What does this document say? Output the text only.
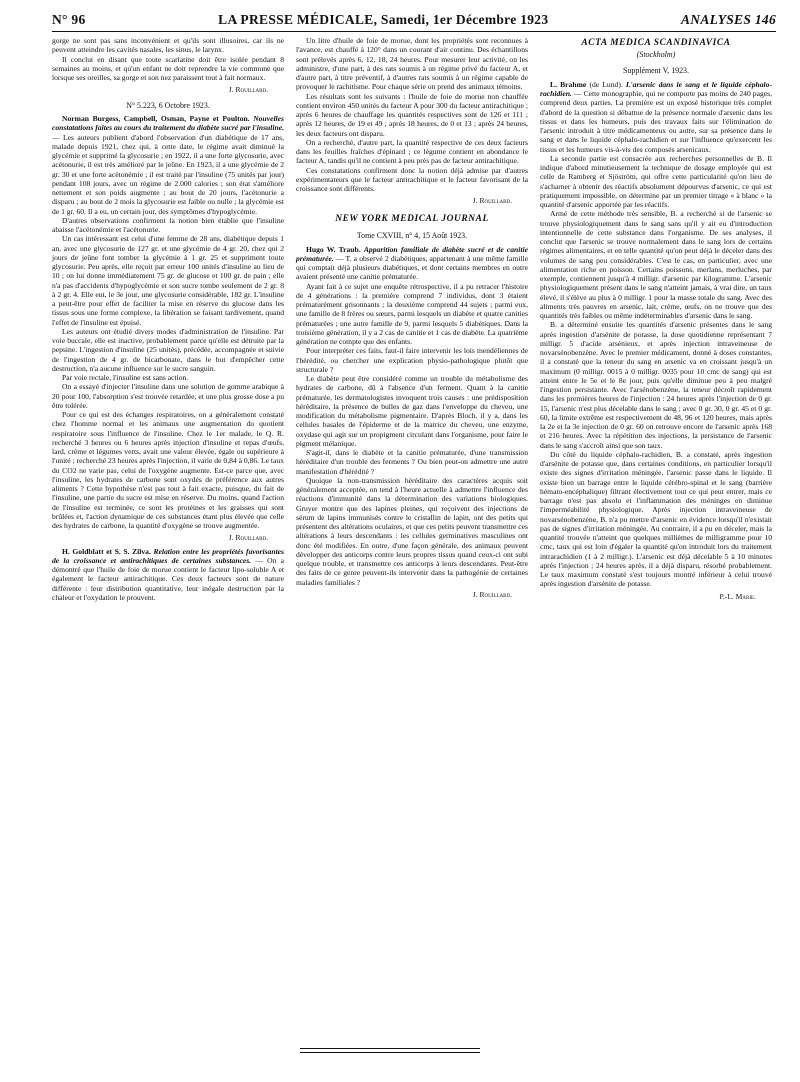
N° 96	LA PRESSE MÉDICALE, Samedi, 1er Décembre 1923	ANALYSES 146

gorge ne sont pas sans inconvénient et qu'ils sont illusoires, car ils ne peuvent atteindre les cavités nasales, les sinus, le larynx.

Il conclut en disant que toute scarlatine doit être isolée pendant 8 semaines au moins, et qu'un enfant ne doit reprendre la vie commune que lorsque ses oreilles, sa gorge et son nez paraissent tout à fait normaux.

J. Rouillard.
N° 5.223, 6 Octobre 1923.

Norman Burgess, Campbell, Osman, Payne et Poulton. Nouvelles constatations faites au cours du traitement du diabète sucré par l'insuline. — Les auteurs publient d'abord l'observation d'un diabétique de 17 ans, malade depuis 1921, chez qui, à cette date, le régime avait diminué la glycémie et supprimé la glycosurie ; en 1922, il a une forte glycosurie, avec acétonurie, il est très amélioré par le jeûne. En 1923, il a une glycémie de 2 gr. 30 et une forte acétonémie ; il est traité par l'insuline (75 unités par jour) pendant 108 jours, avec un régime de 2.000 calories ; son état s'améliore nettement et son poids augmente ; au bout de 20 jours, l'acétonurie a disparu ; au bout de 2 mois la glycosurie est faible ou nulle ; la glycémie est de 1 gr. 60. Il a eu, un certain jour, des symptômes d'hypoglycémie.

D'autres observations confirment la notion bien établie que l'insuline abaisse l'acétonémie et l'acétonurie.

Un cas intéressant est celui d'une femme de 28 ans, diabétique depuis 1 an, avec une glycosurie de 127 gr. et une glycémie de 4 gr. 20, chez qui 2 jours de jeûne font tomber la glycémie à 1 gr. 25 et suppriment toute glycosurie. Peu après, elle reçoit par erreur 100 unités d'insuline au lieu de 10 ; on lui donne immédiatement 75 gr. de glucose et 100 gr. de pain ; elle n'a pas d'accidents d'hypoglycémie et son sucre tombe seulement de 2 gr. 8 à 2 gr. 4. Elle eut, le 3e jour, une glycosurie considérable, 182 gr. L'insuline a peut-être pour effet de faciliter la mise en réserve du glucose dans les tissus sous une forme complexe, la libération se faisant tardivement, quand l'effet de l'insuline est épuisé.

Les auteurs ont étudié divers modes d'administration de l'insuline. Par voie buccale, elle est inactive, probablement parce qu'elle est détruite par la pepsine. L'ingestion d'insuline (25 unités), précédée, accompagnée et suivie de l'ingestion de 4 gr. de bicarbonate, dans le but d'empêcher cette destruction, n'a aucune influence sur le sucre sanguin.

Par voie rectale, l'insuline est sans action.

On a essayé d'injecter l'insuline dans une solution de gomme arabique à 20 pour 100, l'absorption s'est trouvée retardée, et une plus grosse dose a pu être tolérée.

Pour ce qui est des échanges respiratoires, on a généralement constaté chez l'homme normal et les animaux une augmentation du quotient respiratoire sous l'influence de l'insuline. Chez le 1er malade, le Q. R. recherché 3 heures ou 6 heures après injection d'insuline et repas d'œufs, lard, crème et légumes verts, avait une valeur élevée, égale ou supérieure à l'unité ; recherché 23 heures après l'injection, il varie de 0,84 à 0,86. Le taux du CO2 ne varie pas, celui de l'oxygène augmente. Est-ce parce que, avec l'insuline, les hydrates de carbone sont oxydés de préférence aux autres aliments ? Cette hypothèse n'est pas tout à fait exacte, puisque, du fait de l'insuline, une partie du sucre est mise en réserve. Du moins, quand l'action de l'insuline est terminée, ce sont les protéines et les graisses qui sont brûlées et, l'action dynamique de ces substances étant plus élevée que celle des hydrates de carbone, la quantité d'oxygène se trouve augmentée.

J. Rouillard.

H. Goldblatt et S. S. Zilva. Relation entre les propriétés favorisantes de la croissance et antirachitiques de certaines substances. — On a démontré que l'huile de foie de morue contient le facteur lipo-soluble A et également le facteur antirachitique. Ces deux facteurs sont de nature différente : leur distribution quantitative, leur inégale destruction par la chaleur et l'oxydation le prouvent.

Un litre d'huile de foie de morue, dont les propriétés sont reconnues à l'avance, est chauffé à 120° dans un courant d'air continu. Des échantillons sont prélevés après 6, 12, 18, 24 heures. Pour mesurer leur activité, on les administre, d'une part, à des rats soumis à un régime privé du facteur A, et d'autre part, à titre préventif, à d'autres rats soumis à un régime capable de provoquer le rachitisme. Pour chaque série on prend des animaux témoins.

Les résultats sont les suivants : l'huile de foie de morue non chauffée contient environ 450 unités du facteur A pour 300 du facteur antirachitique ; après 6 heures de chauffage les quantités respectives sont de 126 et 111 ; après 12 heures, de 19 et 49 ; après 18 heures, de 0 et 13 ; après 24 heures, les deux facteurs ont disparu.

On a recherché, d'autre part, la quantité respective de ces deux facteurs dans les feuilles fraîches d'épinard ; ce légume contient en abondance le facteur A, tandis qu'il ne contient à peu près pas de facteur antirachitique.

Ces constatations confirment donc la notion déjà admise par d'autres expérimentateurs que le facteur antirachitique et le facteur favorisant de la croissance sont différents.

J. Rouillard.
NEW YORK MEDICAL JOURNAL
Tome CXVIII, n° 4, 15 Août 1923.

Hugo W. Traub. Apparition familiale de diabète sucré et de canitie prématurée. — T. a observé 2 diabétiques, appartenant à une même famille qui comptait déjà plusieurs diabétiques, et dont certains membres en outre avaient présenté une canitie prématurée.

Ayant fait à ce sujet une enquête rétrospective, il a pu retracer l'histoire de 4 générations : la première comprend 7 individus, dont 3 étaient prématurément grisonnants ; la deuxième comprend 44 sujets ; parmi eux, une famille de 8 frères ou sœurs, parmi lesquels un diabète et quatre canities prématurées ; une autre famille de 9, parmi lesquels 5 diabétiques. Dans la troisième génération, il y a 2 cas de canitie et 1 cas de diabète. La quatrième génération ne compte que des enfants.

Pour interpréter ces faits, faut-il faire intervenir les lois mendéliennes de l'hérédité, ou chercher une explication physio-pathologique plutôt que structurale ?

Le diabète peut être considéré comme un trouble du métabolisme des hydrates de carbone, dû à l'absence d'un ferment. Quant à la canitie prématurée, les dermatologistes invoquent trois causes : une prédisposition héréditaire, la présence de bulles de gaz dans l'enveloppe du cheveu, une modification du métabolisme pigmentaire. D'après Bloch, il y a, dans les cellules basales de l'épiderme et de la matrice du cheveu, une enzyme, oxydase qui agit sur un propigment circulant dans l'organisme, pour faire le pigment mélanique.

S'agit-il, dans le diabète et la canitie prématurée, d'une transmission héréditaire d'un trouble des ferments ? Ou bien peut-on admettre une autre manifestation d'hérédité ?

Quoique la non-transmission héréditaire des caractères acquis soit généralement acceptée, on tend à l'heure actuelle à admettre l'influence des réactions d'immunité dans la détermination des variations biologiques. Gruyer montre que des lapines pleines, qui reçoivent des injections de sérum de lapins immunisés contre le cristallin de lapin, ont des petits qui présentent des altérations oculaires, et que ces petits peuvent transmettre ces altérations à leurs descendants : les cellules germinatives masculines ont donc été modifiées. En outre, d'une façon générale, des animaux peuvent développer des anticorps contre leurs propres tissus quand ceux-ci ont subi quelque trouble, et transmettre ces anticorps à leurs descendants. Peut-être des faits de ce genre peuvent-ils intervenir dans la pathogénie de certaines maladies familiales ?

J. Rouillard.
ACTA MEDICA SCANDINAVICA
(Stockholm)
Supplément V, 1923.

L. Brahme (de Lund). L'arsenic dans le sang et le liquide céphalo-rachidien. — Cette monographie, qui ne comporte pas moins de 240 pages, comprend deux parties. La première est un exposé historique très complet d'abord de la question si débattue de la présence normale d'arsenic dans les tissus et dans les humeurs, puis des travaux faits sur l'élimination de l'arsenic introduit à titre médicamenteux ou autre, sur sa présence dans le sang et dans le liquide céphalo-rachidien et sur l'influence qu'exercent les tissus et les humeurs vis-à-vis des composés arsenicaux.

La seconde partie est consacrée aux recherches personnelles de B. Il indique d'abord minutieusement la technique de dosage employée qui est celle de Ramberg et Sjöström, qui offre cette particularité qu'on lieu de s'acharner à obtenir des réactifs absolument dépourvus d'arsenic, ce qui est pratiquement impossible, on détermine par un premier titrage « à blanc » la quantité d'arsenic apportée par les réactifs.

Armé de cette méthode très sensible, B. a recherché si de l'arsenic se trouve physiologiquement dans le sang sans qu'il y ait eu d'introduction intentionnelle de cette substance dans l'organisme. De ses analyses, il conclut que l'arsenic se trouve normalement dans le sang lors de certains régimes alimentaires, et en telle quantité qu'on peut déjà le déceler dans des volumes de sang peu considérables. C'est le cas, en particulier, avec une alimentation riche en poisson. Certains poissons, merlans, merluches, par exemple, contiennent jusqu'à 4 milligr. d'arsenic par kilogramme. L'arsenic physiologiquement présent dans le sang n'atteint jamais, à vrai dire, un taux élevé, il s'élève au plus à 0 milligr. 1 pour la masse totale du sang. Avec des aliments très pauvres en arsenic, lait, crème, œufs, on ne trouve que des quantités très faibles ou même indéterminables d'arsenic dans le sang.

B. a déterminé ensuite les quantités d'arsenic présentes dans le sang après ingestion d'arsénite de potasse, la dose quotidienne représentant 7 milligr. 5 d'acide arsénieux, et après injection intraveineuse de novarsénobenzène. Avec le premier médicament, donné à doses constantes, il a constaté que la teneur du sang en arsenic va en croissant jusqu'à un maximum (0 milligr. 0015 à 0 milligr. 0035 pour 10 cmc de sang) qui est atteint entre le 5e et le 8e jour, puis qu'elle diminue peu à peu malgré l'ingestion persistante. Avec l'arsénobenzène, la teneur décroît rapidement dans les premières heures de l'injection : 24 heures après l'injection de 0 gr. 15, l'arsenic n'est plus décelable dans le sang ; avec 0 gr. 30, 0 gr. 45 et 0 gr. 60, la limite extrême est respectivement de 48, 96 et 120 heures, mais après la 2e et la 3e injection de 0 gr. 60 on retrouve encore de l'arsenic après 168 et 216 heures. Avec la répétition des injections, la persistance de l'arsenic dans le sang s'accroît ainsi que son taux.

Du côté du liquide céphalo-rachidien, B. a constaté, après ingestion d'arsénite de potasse que, dans certaines conditions, en particulier lorsqu'il existe des signes d'irritation méningée, l'arsenic passe dans le liquide. Il existe bien un barrage entre le liquide cérébro-spinal et le sang (barrière hémato-encéphalique) filtrant électivement tout ce qui peut entrer, mais ce barrage n'est pas absolu et l'inflammation des méninges en diminue l'imperméabilité physiologique. Après injection intraveineuse de novarsénobenzène, B. n'a pu mettre d'arsenic en évidence lorsqu'il n'existait pas de signes d'irritation méningée. Au contraire, il a pu en déceler, mais la quantité trouvée n'atteint que quelques millièmes de milligramme pour 10 cmc, taux qui est loin d'égaler la quantité qu'on introduit lors du traitement intrarachidien (1 à 2 milligr.). L'arsenic est déjà décelable 5 à 10 minutes après l'injection ; 24 heures après, il a déjà disparu, résorbé probablement. Le taux maximum constaté s'est toujours montré inférieur à celui trouvé après ingestion d'arsénite de potasse.

P.-L. Marie.
